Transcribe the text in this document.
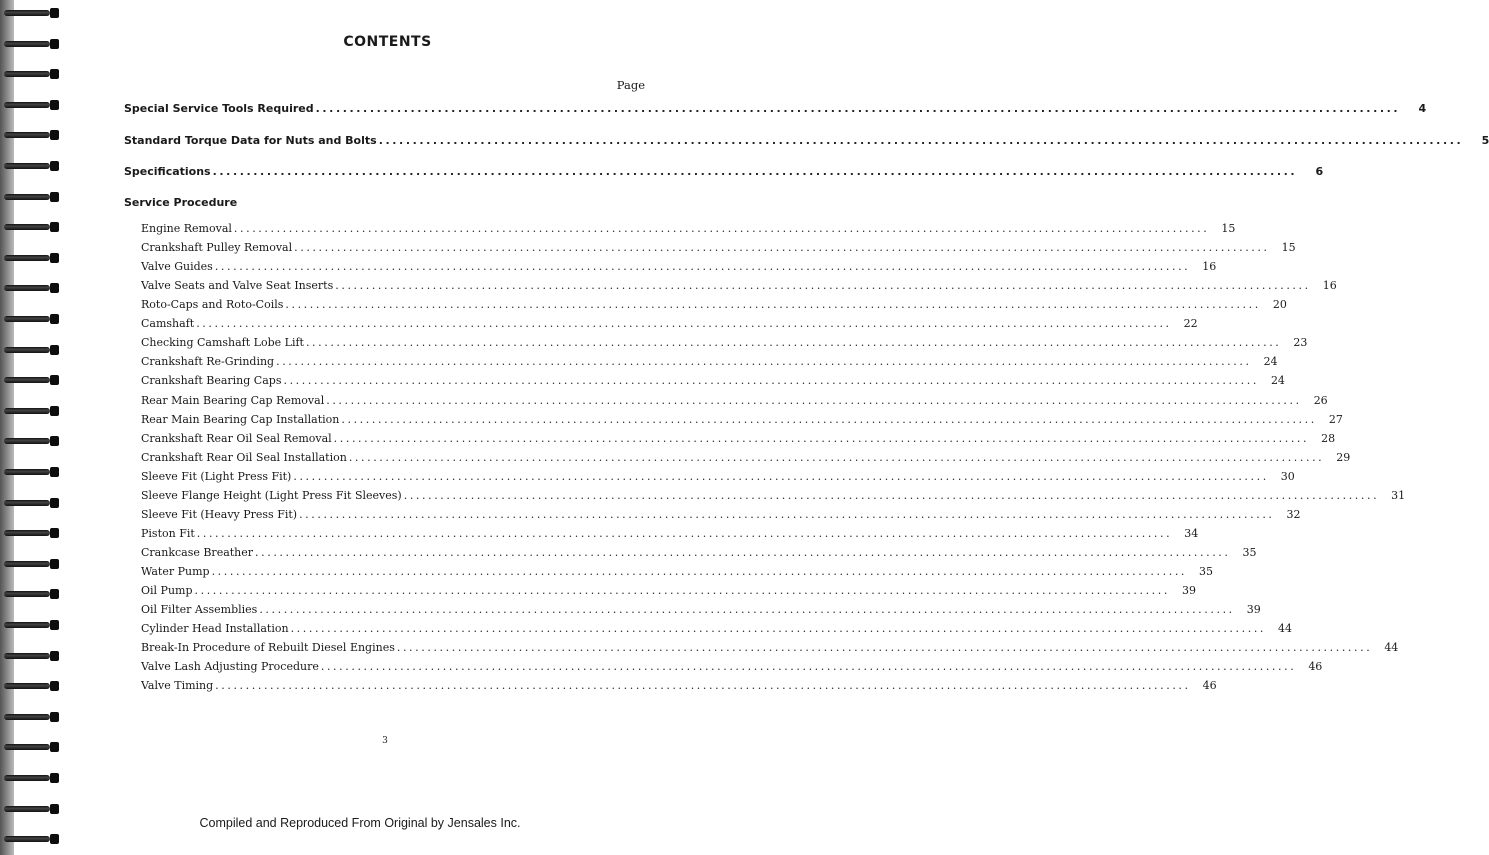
CONTENTS
Page
Special Service Tools Required ................................................................................................................................................................	4
Standard Torque Data for Nuts and Bolts ................................................................................................................................................................	5
Specifications ................................................................................................................................................................	6
Service Procedure
Engine Removal ................................................................................................................................................................	15
Crankshaft Pulley Removal ................................................................................................................................................................	15
Valve Guides ................................................................................................................................................................	16
Valve Seats and Valve Seat Inserts ................................................................................................................................................................	16
Roto-Caps and Roto-Coils ................................................................................................................................................................	20
Camshaft ................................................................................................................................................................	22
Checking Camshaft Lobe Lift ................................................................................................................................................................	23
Crankshaft Re-Grinding ................................................................................................................................................................	24
Crankshaft Bearing Caps ................................................................................................................................................................	24
Rear Main Bearing Cap Removal ................................................................................................................................................................	26
Rear Main Bearing Cap Installation ................................................................................................................................................................	27
Crankshaft Rear Oil Seal Removal ................................................................................................................................................................	28
Crankshaft Rear Oil Seal Installation ................................................................................................................................................................	29
Sleeve Fit (Light Press Fit) ................................................................................................................................................................	30
Sleeve Flange Height (Light Press Fit Sleeves) ................................................................................................................................................................	31
Sleeve Fit (Heavy Press Fit) ................................................................................................................................................................	32
Piston Fit ................................................................................................................................................................	34
Crankcase Breather ................................................................................................................................................................	35
Water Pump ................................................................................................................................................................	35
Oil Pump ................................................................................................................................................................	39
Oil Filter Assemblies ................................................................................................................................................................	39
Cylinder Head Installation ................................................................................................................................................................	44
Break-In Procedure of Rebuilt Diesel Engines ................................................................................................................................................................	44
Valve Lash Adjusting Procedure ................................................................................................................................................................	46
Valve Timing ................................................................................................................................................................	46
3
Compiled and Reproduced From Original by Jensales Inc.
